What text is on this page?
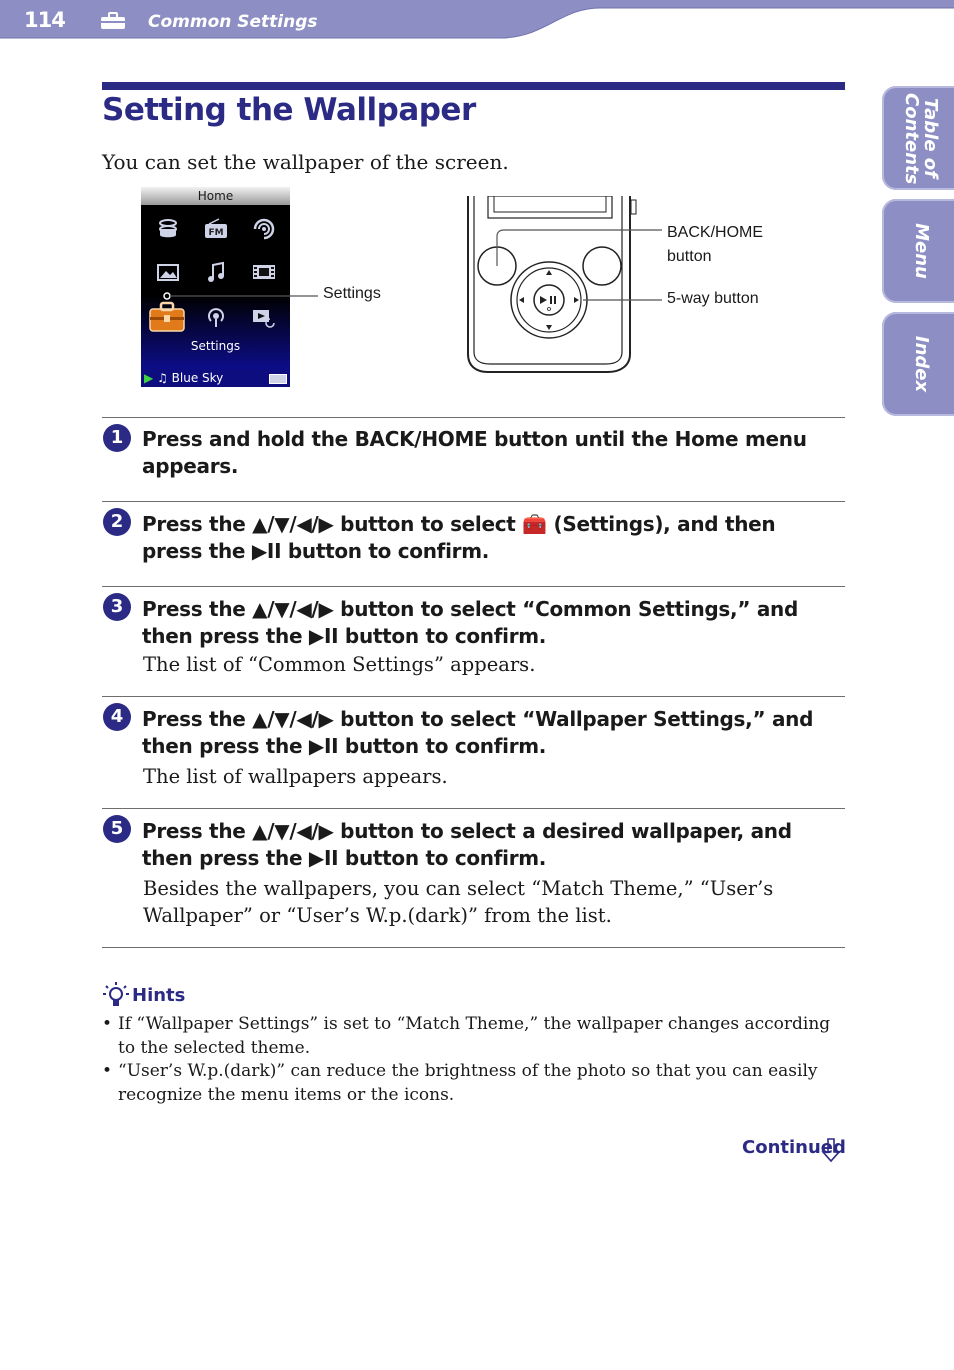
114	Common Settings
Table of
Contents
Menu
Index
Setting the Wallpaper
You can set the wallpaper of the screen.
Home
FM
Settings
▶ ♫ Blue Sky
Settings
BACK/HOME
button
5-way button
1 Press and hold the BACK/HOME button until the Home menu appears.
2 Press the ▲/▼/◀/▶ button to select 🧰 (Settings), and then press the ▶II button to confirm.
3 Press the ▲/▼/◀/▶ button to select “Common Settings,” and then press the ▶II button to confirm.
The list of “Common Settings” appears.
4 Press the ▲/▼/◀/▶ button to select “Wallpaper Settings,” and then press the ▶II button to confirm.
The list of wallpapers appears.
5 Press the ▲/▼/◀/▶ button to select a desired wallpaper, and then press the ▶II button to confirm.
Besides the wallpapers, you can select “Match Theme,” “User’s Wallpaper” or “User’s W.p.(dark)” from the list.
Hints
• If “Wallpaper Settings” is set to “Match Theme,” the wallpaper changes according to the selected theme.
• “User’s W.p.(dark)” can reduce the brightness of the photo so that you can easily recognize the menu items or the icons.
Continued
